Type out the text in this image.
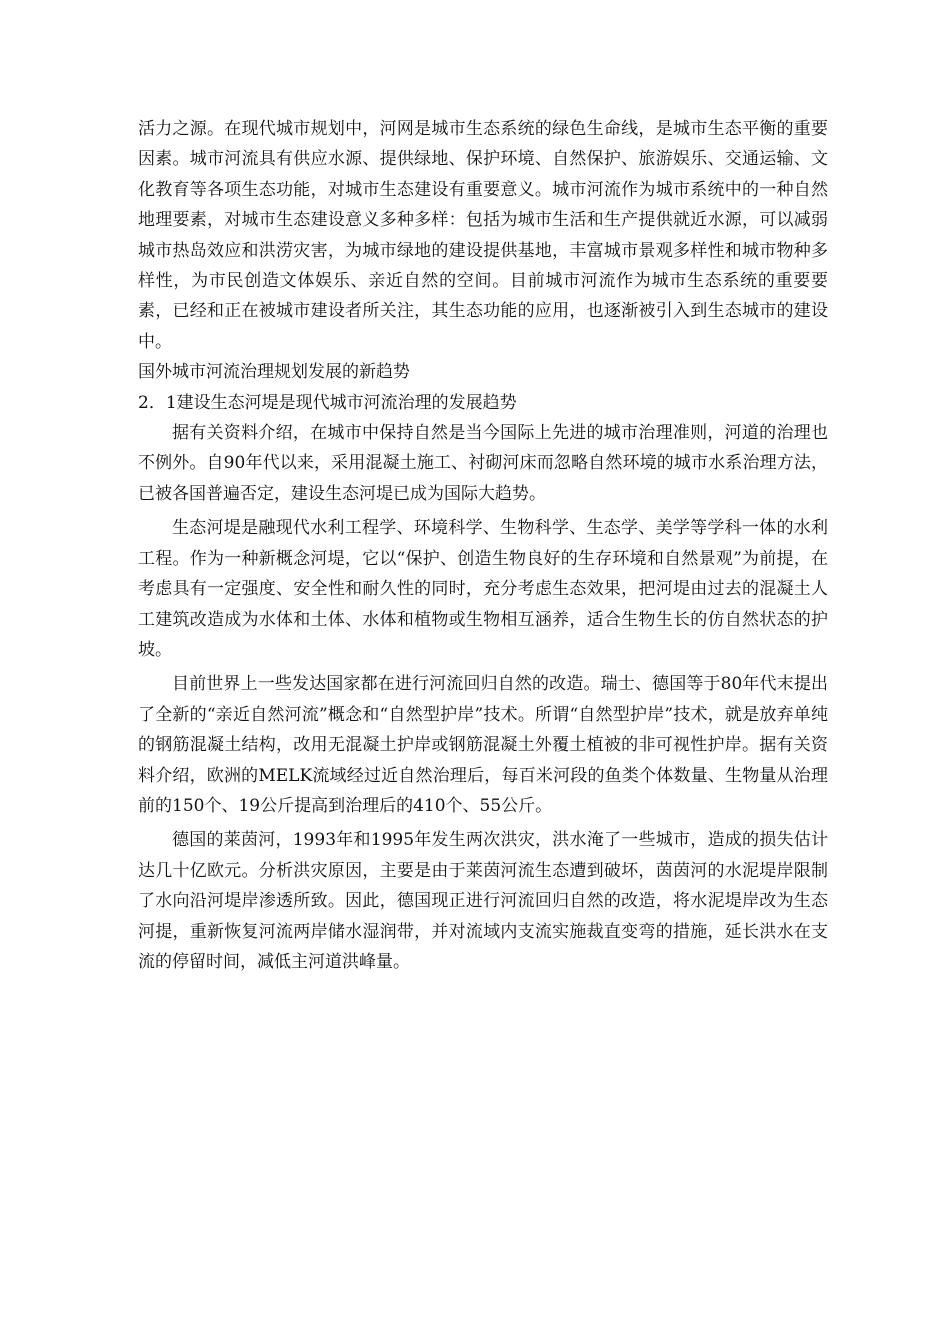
活力之源。在现代城市规划中，河网是城市生态系统的绿色生命线，是城市生态平衡的重要因素。城市河流具有供应水源、提供绿地、保护环境、自然保护、旅游娱乐、交通运输、文化教育等各项生态功能，对城市生态建设有重要意义。城市河流作为城市系统中的一种自然地理要素，对城市生态建设意义多种多样：包括为城市生活和生产提供就近水源，可以减弱城市热岛效应和洪涝灾害，为城市绿地的建设提供基地，丰富城市景观多样性和城市物种多样性，为市民创造文体娱乐、亲近自然的空间。目前城市河流作为城市生态系统的重要要素，已经和正在被城市建设者所关注，其生态功能的应用，也逐渐被引入到生态城市的建设中。

国外城市河流治理规划发展的新趋势

2．1建设生态河堤是现代城市河流治理的发展趋势

据有关资料介绍，在城市中保持自然是当今国际上先进的城市治理准则，河道的治理也不例外。自90年代以来，采用混凝土施工、衬砌河床而忽略自然环境的城市水系治理方法，已被各国普遍否定，建设生态河堤已成为国际大趋势。

生态河堤是融现代水利工程学、环境科学、生物科学、生态学、美学等学科一体的水利工程。作为一种新概念河堤，它以“保护、创造生物良好的生存环境和自然景观”为前提，在考虑具有一定强度、安全性和耐久性的同时，充分考虑生态效果，把河堤由过去的混凝土人工建筑改造成为水体和土体、水体和植物或生物相互涵养，适合生物生长的仿自然状态的护坡。

目前世界上一些发达国家都在进行河流回归自然的改造。瑞士、德国等于80年代末提出了全新的“亲近自然河流”概念和“自然型护岸”技术。所谓“自然型护岸”技术，就是放弃单纯的钢筋混凝土结构，改用无混凝土护岸或钢筋混凝土外覆土植被的非可视性护岸。据有关资料介绍，欧洲的MELK流域经过近自然治理后，每百米河段的鱼类个体数量、生物量从治理前的150个、19公斤提高到治理后的410个、55公斤。

德国的莱茵河，1993年和1995年发生两次洪灾，洪水淹了一些城市，造成的损失估计达几十亿欧元。分析洪灾原因，主要是由于莱茵河流生态遭到破坏，茵茵河的水泥堤岸限制了水向沿河堤岸渗透所致。因此，德国现正进行河流回归自然的改造，将水泥堤岸改为生态河提，重新恢复河流两岸储水湿润带，并对流域内支流实施裁直变弯的措施，延长洪水在支流的停留时间，减低主河道洪峰量。
